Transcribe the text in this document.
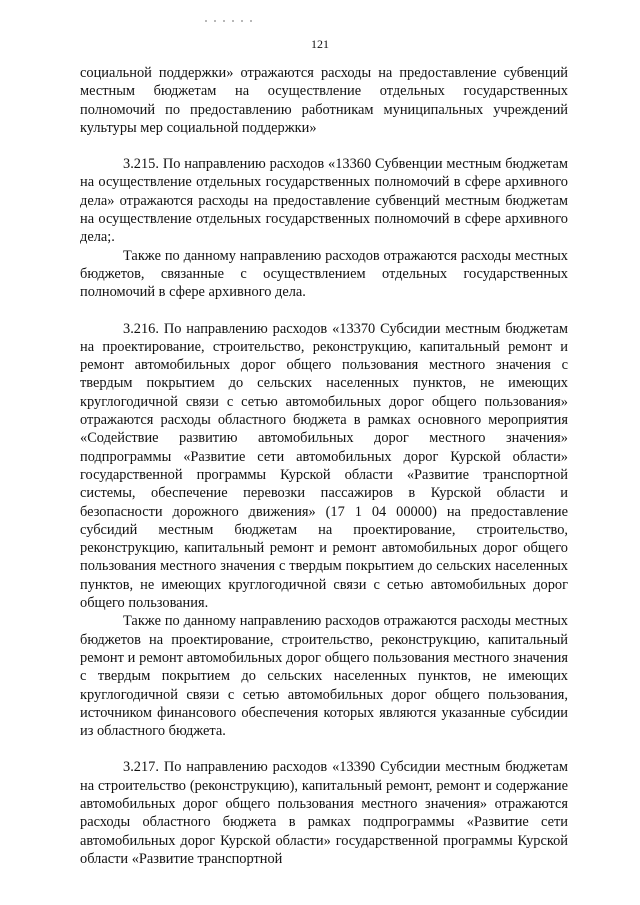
121

социальной поддержки» отражаются расходы на предоставление субвенций местным бюджетам на осуществление отдельных государственных полномочий по предоставлению работникам муниципальных учреждений культуры мер социальной поддержки»

3.215. По направлению расходов «13360 Субвенции местным бюджетам на осуществление отдельных государственных полномочий в сфере архивного дела» отражаются расходы на предоставление субвенций местным бюджетам на осуществление отдельных государственных полномочий в сфере архивного дела;.

Также по данному направлению расходов отражаются расходы местных бюджетов, связанные с осуществлением отдельных государственных полномочий в сфере архивного дела.

3.216. По направлению расходов «13370 Субсидии местным бюджетам на проектирование, строительство, реконструкцию, капитальный ремонт и ремонт автомобильных дорог общего пользования местного значения с твердым покрытием до сельских населенных пунктов, не имеющих круглогодичной связи с сетью автомобильных дорог общего пользования» отражаются расходы областного бюджета в рамках основного мероприятия «Содействие развитию автомобильных дорог местного значения» подпрограммы «Развитие сети автомобильных дорог Курской области» государственной программы Курской области «Развитие транспортной системы, обеспечение перевозки пассажиров в Курской области и безопасности дорожного движения» (17 1 04 00000) на предоставление субсидий местным бюджетам на проектирование, строительство, реконструкцию, капитальный ремонт и ремонт автомобильных дорог общего пользования местного значения с твердым покрытием до сельских населенных пунктов, не имеющих круглогодичной связи с сетью автомобильных дорог общего пользования.

Также по данному направлению расходов отражаются расходы местных бюджетов на проектирование, строительство, реконструкцию, капитальный ремонт и ремонт автомобильных дорог общего пользования местного значения с твердым покрытием до сельских населенных пунктов, не имеющих круглогодичной связи с сетью автомобильных дорог общего пользования, источником финансового обеспечения которых являются указанные субсидии из областного бюджета.

3.217. По направлению расходов «13390 Субсидии местным бюджетам на строительство (реконструкцию), капитальный ремонт, ремонт и содержание автомобильных дорог общего пользования местного значения» отражаются расходы областного бюджета в рамках подпрограммы «Развитие сети автомобильных дорог Курской области» государственной программы Курской области «Развитие транспортной
